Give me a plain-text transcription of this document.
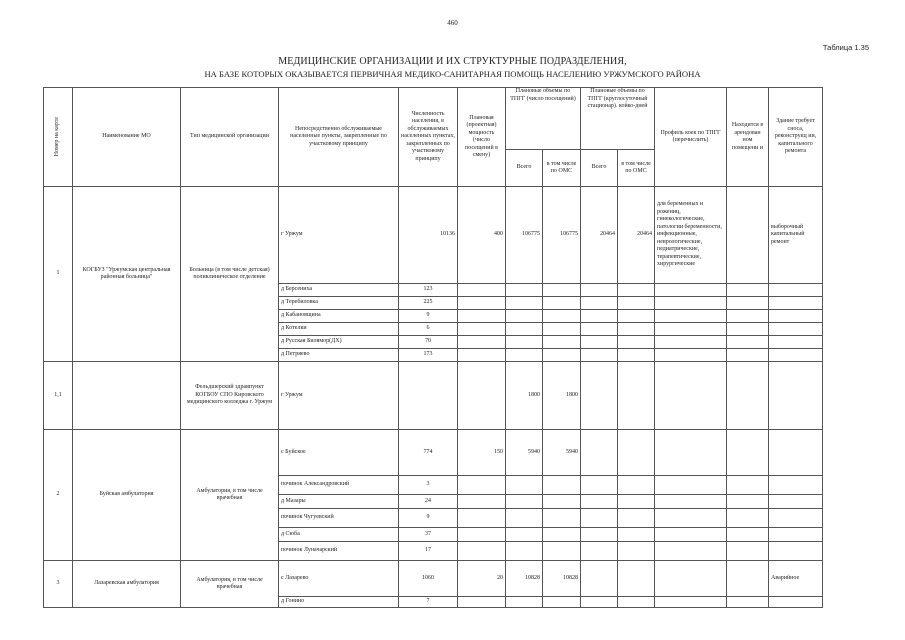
460
Таблица 1.35
МЕДИЦИНСКИЕ ОРГАНИЗАЦИИ И ИХ СТРУКТУРНЫЕ ПОДРАЗДЕЛЕНИЯ,
НА БАЗЕ КОТОРЫХ ОКАЗЫВАЕТСЯ ПЕРВИЧНАЯ МЕДИКО-САНИТАРНАЯ ПОМОЩЬ НАСЕЛЕНИЮ УРЖУМСКОГО РАЙОНА
Номер на карте	Наименование МО	Тип медицинской организации	Непосредственно обслуживаемые населенные пункты, закрепленные по участковому принципу	Численность населения, в обслуживаемых населенных пунктах, закрепленных по участковому принципу	Плановая (проектная) мощность (число посещений в смену)	Плановые объемы по ТПГГ (число посещений)		Плановые объемы по ТПГГ (круглосуточный стационар). койко-дней		Профиль коек по ТПГГ (перечислить)	Находится в арендован ном помещени и	Здание требует сноса, реконструкц ии, капитального ремонта
						Всего	в том числе по ОМС	Всего	в том числе по ОМС			
1	КОГБУЗ "Уржумская центральная районная больница"	Больница (в том числе детская) поликлиническое отделение	г Уржум	10136	400	106775	106775	20464	20464	для беременных и рожениц, гинекологические, патологии беременности, инфекционные, неврологические, педиатрические, терапевтические, хирургические		выборочный капитальный ремонт
			д Берсениха	123								
			д Теребиловка	225								
			д Кабановщина	9								
			д Котелки	6								
			д Русская Билямор(ДХ)	70								
			д Петряево	173								
1,1		Фельдшерский здравпункт КОГБОУ СПО Кировского медицинского колледжа г. Уржум	г Уржум			1800	1800					
2	Буйская амбулатория	Амбулатория, в том числе врачебная	с Буйское	774	150	5940	5940					
			починок Александровский	3								
			д Мазары	24								
			починок Чугуевский	9								
			д Сюба	37								
			починок Луначарский	17								
3	Лазаревская амбулатория	Амбулатория, в том числе врачебная	с Лазарево	1060	20	10828	10828					Аварийное
			д Гонино	7								
